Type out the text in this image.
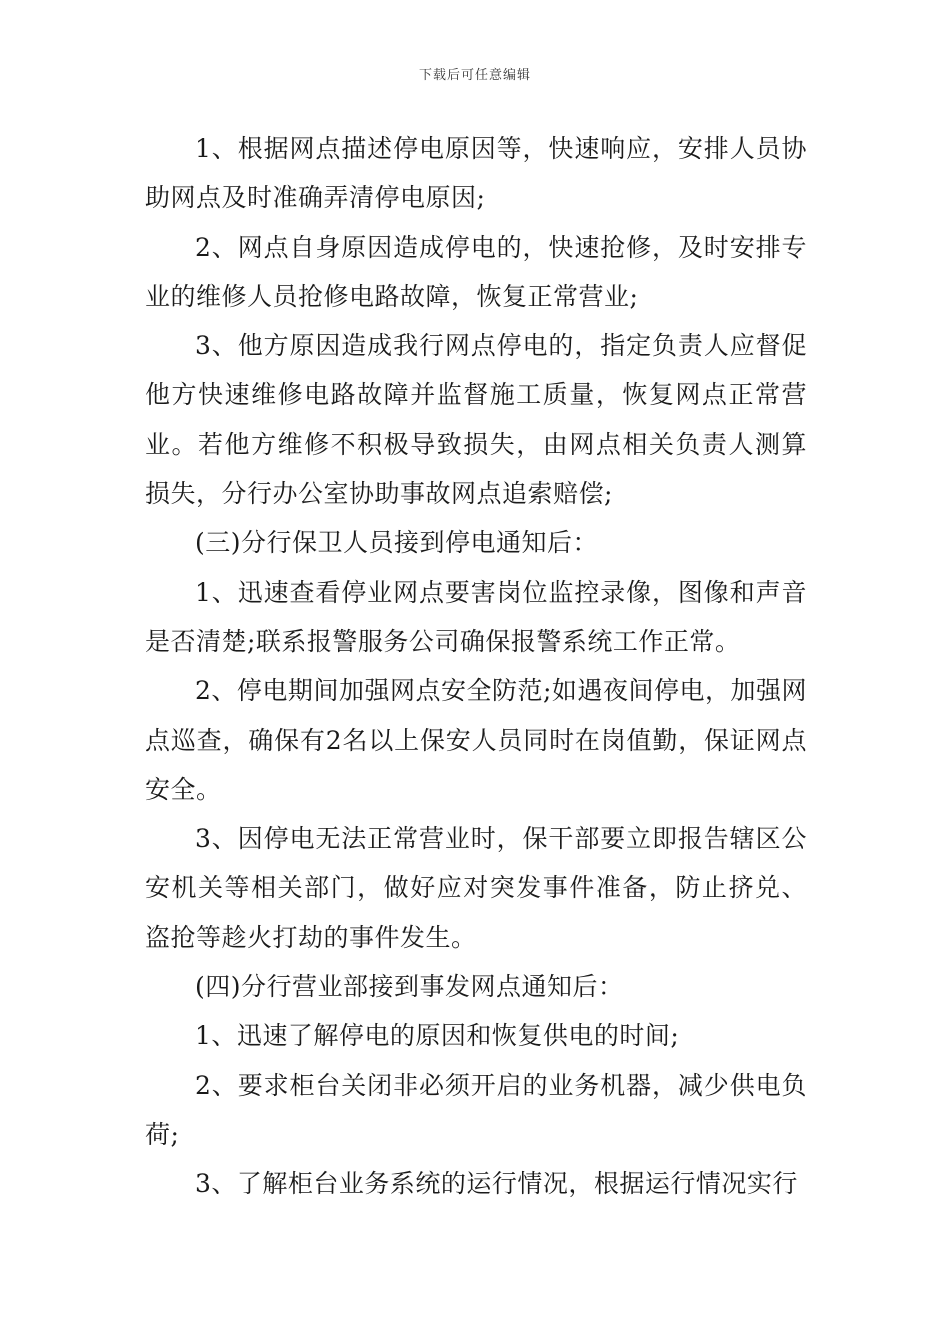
下载后可任意编辑

1、根据网点描述停电原因等，快速响应，安排人员协助网点及时准确弄清停电原因;

2、网点自身原因造成停电的，快速抢修，及时安排专业的维修人员抢修电路故障，恢复正常营业;

3、他方原因造成我行网点停电的，指定负责人应督促他方快速维修电路故障并监督施工质量，恢复网点正常营业。若他方维修不积极导致损失，由网点相关负责人测算损失，分行办公室协助事故网点追索赔偿;

(三)分行保卫人员接到停电通知后：

1、迅速查看停业网点要害岗位监控录像，图像和声音是否清楚;联系报警服务公司确保报警系统工作正常。

2、停电期间加强网点安全防范;如遇夜间停电，加强网点巡查，确保有2名以上保安人员同时在岗值勤，保证网点安全。

3、因停电无法正常营业时，保干部要立即报告辖区公安机关等相关部门，做好应对突发事件准备，防止挤兑、盗抢等趁火打劫的事件发生。

(四)分行营业部接到事发网点通知后：

1、迅速了解停电的原因和恢复供电的时间;

2、要求柜台关闭非必须开启的业务机器，减少供电负荷;

3、了解柜台业务系统的运行情况，根据运行情况实行
